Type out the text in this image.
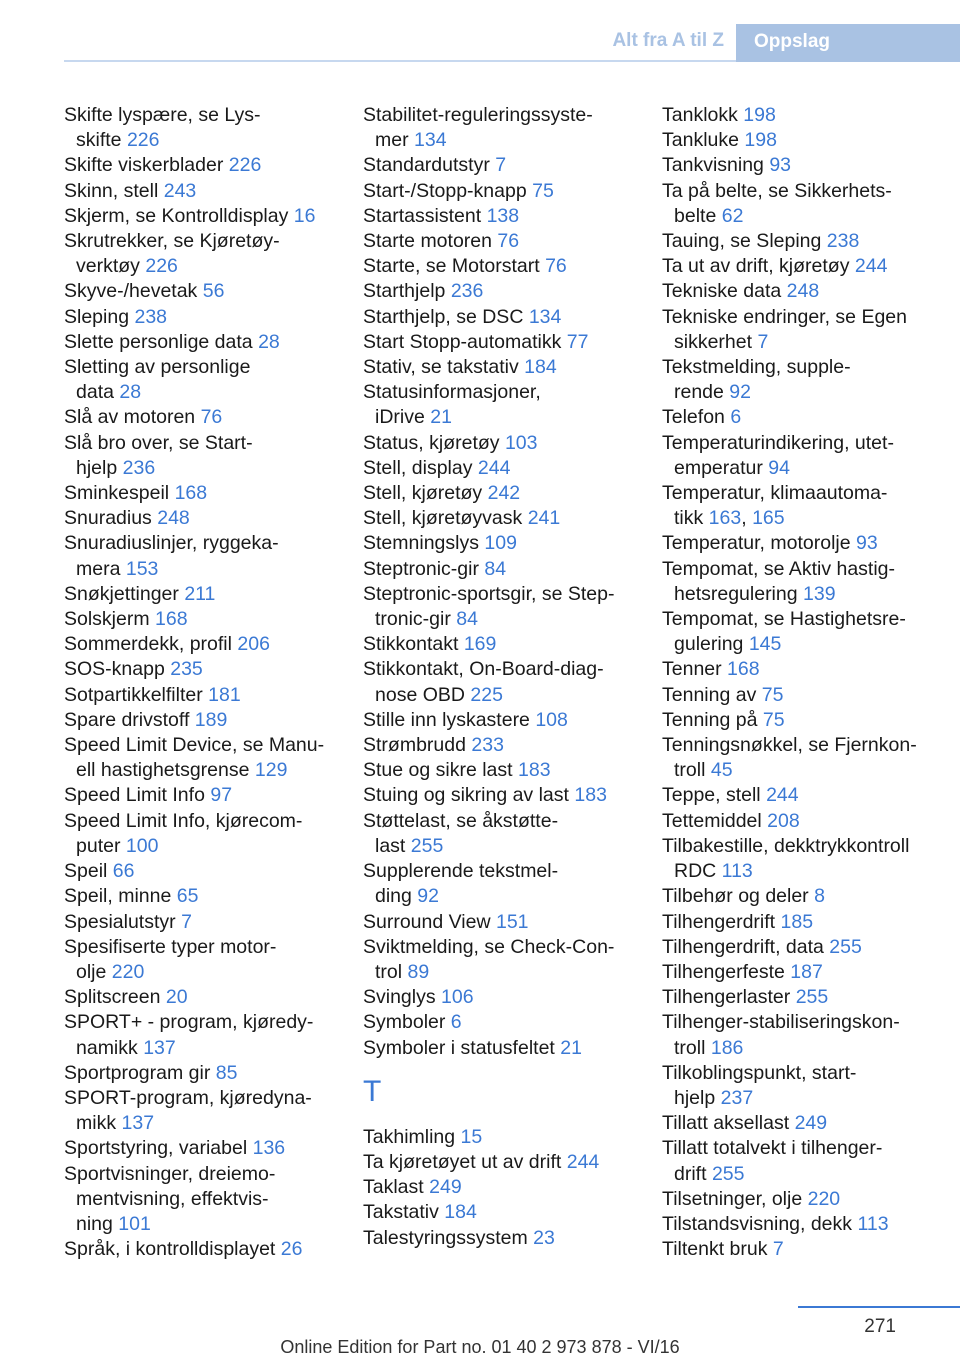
Alt fra A til Z	Oppslag
Skifte lyspære, se Lys-
skifte 226
Skifte viskerblader 226
Skinn, stell 243
Skjerm, se Kontrolldisplay 16
Skrutrekker, se Kjøretøy-
verktøy 226
Skyve-/hevetak 56
Sleping 238
Slette personlige data 28
Sletting av personlige
data 28
Slå av motoren 76
Slå bro over, se Start-
hjelp 236
Sminkespeil 168
Snuradius 248
Snuradiuslinjer, ryggeka-
mera 153
Snøkjettinger 211
Solskjerm 168
Sommerdekk, profil 206
SOS-knapp 235
Sotpartikkelfilter 181
Spare drivstoff 189
Speed Limit Device, se Manu-
ell hastighetsgrense 129
Speed Limit Info 97
Speed Limit Info, kjørecom-
puter 100
Speil 66
Speil, minne 65
Spesialutstyr 7
Spesifiserte typer motor-
olje 220
Splitscreen 20
SPORT+ - program, kjøredy-
namikk 137
Sportprogram gir 85
SPORT-program, kjøredyna-
mikk 137
Sportstyring, variabel 136
Sportvisninger, dreiemo-
mentvisning, effektvis-
ning 101
Språk, i kontrolldisplayet 26
Stabilitet-reguleringssyste-
mer 134
Standardutstyr 7
Start-/Stopp-knapp 75
Startassistent 138
Starte motoren 76
Starte, se Motorstart 76
Starthjelp 236
Starthjelp, se DSC 134
Start Stopp-automatikk 77
Stativ, se takstativ 184
Statusinformasjoner,
iDrive 21
Status, kjøretøy 103
Stell, display 244
Stell, kjøretøy 242
Stell, kjøretøyvask 241
Stemningslys 109
Steptronic-gir 84
Steptronic-sportsgir, se Step-
tronic-gir 84
Stikkontakt 169
Stikkontakt, On-Board-diag-
nose OBD 225
Stille inn lyskastere 108
Strømbrudd 233
Stue og sikre last 183
Stuing og sikring av last 183
Støttelast, se åkstøtte-
last 255
Supplerende tekstmel-
ding 92
Surround View 151
Sviktmelding, se Check-Con-
trol 89
Svinglys 106
Symboler 6
Symboler i statusfeltet 21
T
Takhimling 15
Ta kjøretøyet ut av drift 244
Taklast 249
Takstativ 184
Talestyringssystem 23
Tanklokk 198
Tankluke 198
Tankvisning 93
Ta på belte, se Sikkerhets-
belte 62
Tauing, se Sleping 238
Ta ut av drift, kjøretøy 244
Tekniske data 248
Tekniske endringer, se Egen
sikkerhet 7
Tekstmelding, supple-
rende 92
Telefon 6
Temperaturindikering, utet-
emperatur 94
Temperatur, klimaautoma-
tikk 163, 165
Temperatur, motorolje 93
Tempomat, se Aktiv hastig-
hetsregulering 139
Tempomat, se Hastighetsre-
gulering 145
Tenner 168
Tenning av 75
Tenning på 75
Tenningsnøkkel, se Fjernkon-
troll 45
Teppe, stell 244
Tettemiddel 208
Tilbakestille, dekktrykkontroll
RDC 113
Tilbehør og deler 8
Tilhengerdrift 185
Tilhengerdrift, data 255
Tilhengerfeste 187
Tilhengerlaster 255
Tilhenger-stabiliseringskon-
troll 186
Tilkoblingspunkt, start-
hjelp 237
Tillatt aksellast 249
Tillatt totalvekt i tilhenger-
drift 255
Tilsetninger, olje 220
Tilstandsvisning, dekk 113
Tiltenkt bruk 7
271
Online Edition for Part no. 01 40 2 973 878 - VI/16
